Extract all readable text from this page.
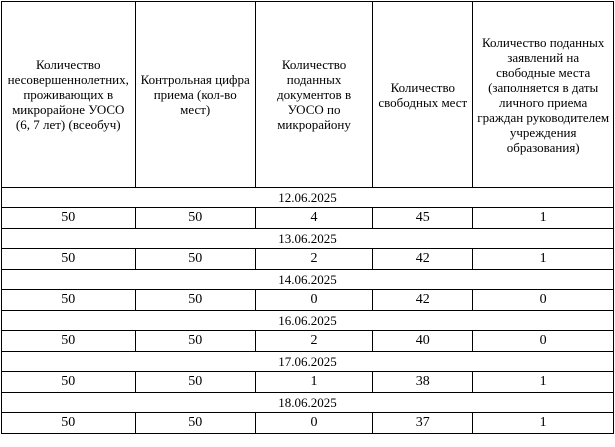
Количество несовершеннолетних, проживающих в микрорайоне УОСО (6, 7 лет) (всеобуч)	Контрольная цифра приема (кол-во мест)	Количество поданных документов в УОСО по микрорайону	Количество свободных мест	Количество поданных заявлений на свободные места (заполняется в даты личного приема граждан руководителем учреждения образования)
12.06.2025				
50	50	4	45	1
13.06.2025				
50	50	2	42	1
14.06.2025				
50	50	0	42	0
16.06.2025				
50	50	2	40	0
17.06.2025				
50	50	1	38	1
18.06.2025				
50	50	0	37	1
